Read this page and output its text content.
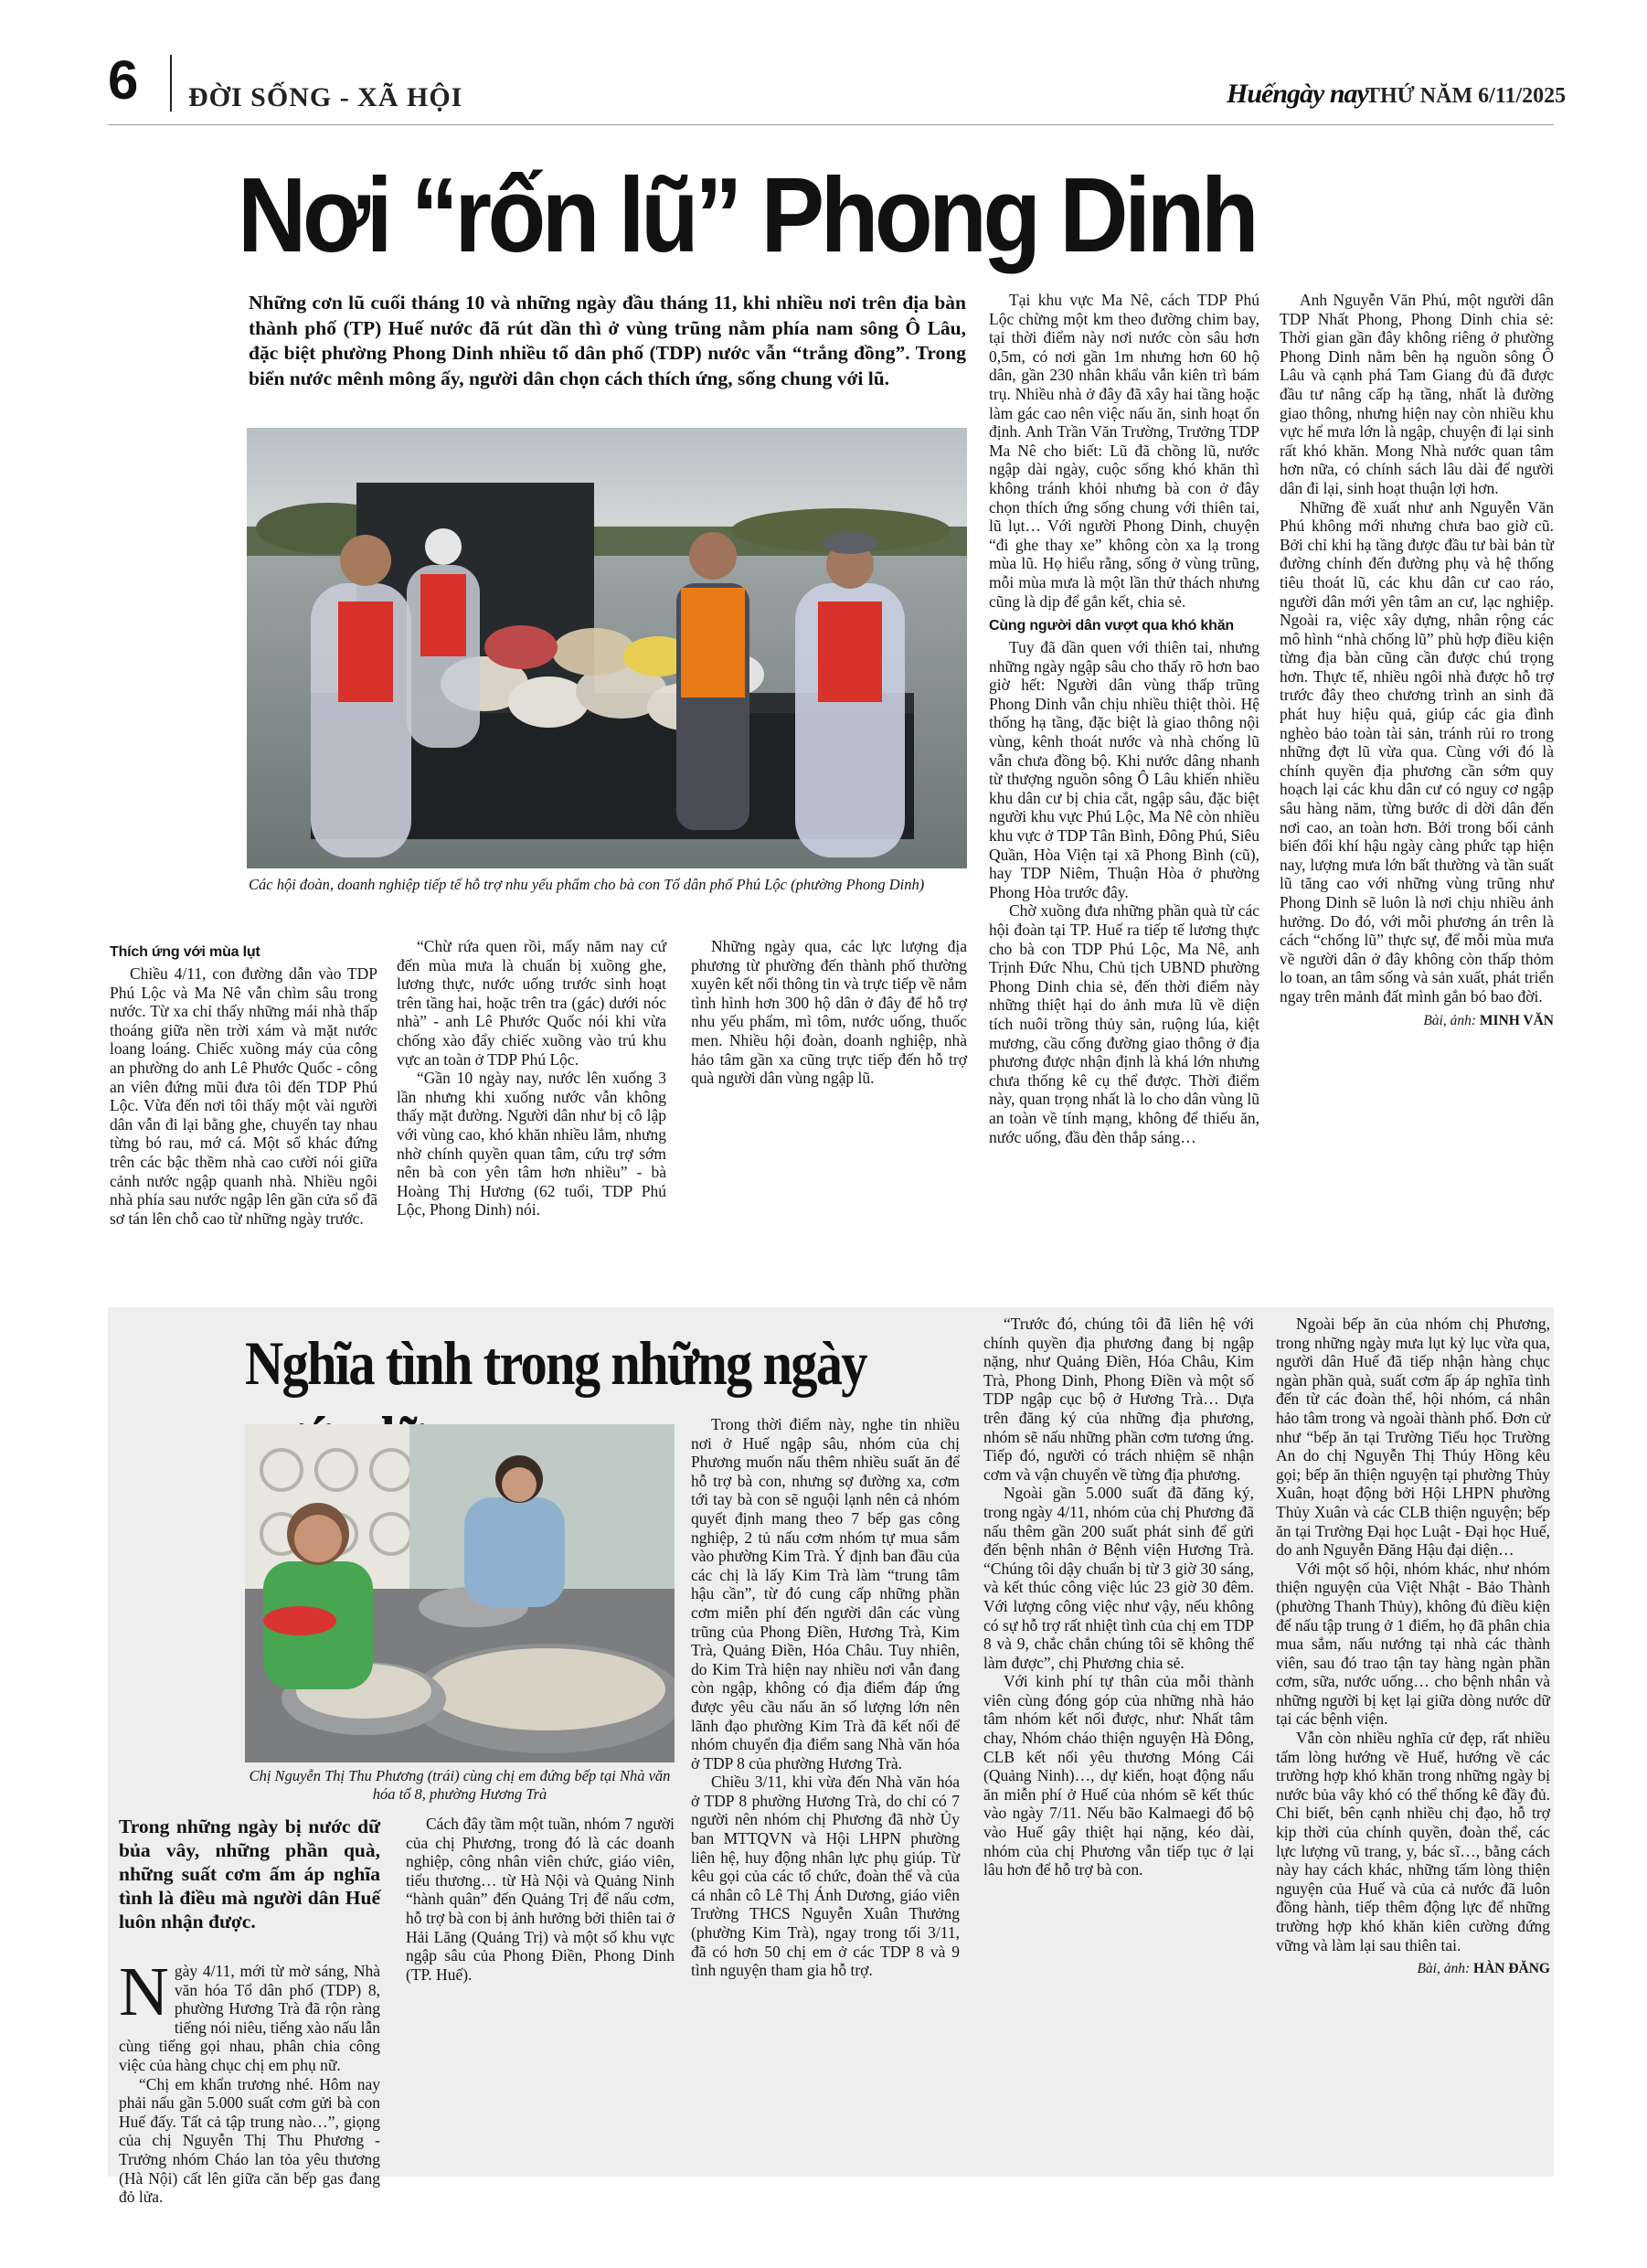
6 ĐỜI SỐNG - XÃ HỘI	Huếngày nay
THỨ NĂM 6/11/2025
Nơi “rốn lũ” Phong Dinh
Những cơn lũ cuối tháng 10 và những ngày đầu tháng 11, khi nhiều nơi trên địa bàn thành phố (TP) Huế nước đã rút dần thì ở vùng trũng nằm phía nam sông Ô Lâu, đặc biệt phường Phong Dinh nhiều tổ dân phố (TDP) nước vẫn “trắng đồng”. Trong biển nước mênh mông ấy, người dân chọn cách thích ứng, sống chung với lũ.
Các hội đoàn, doanh nghiệp tiếp tế hỗ trợ nhu yếu phẩm cho bà con Tổ dân phố Phú Lộc (phường Phong Dinh)
Thích ứng với mùa lụt

Chiều 4/11, con đường dẫn vào TDP Phú Lộc và Ma Nê vẫn chìm sâu trong nước. Từ xa chỉ thấy những mái nhà thấp thoáng giữa nền trời xám và mặt nước loang loáng. Chiếc xuồng máy của công an phường do anh Lê Phước Quốc - công an viên đứng mũi đưa tôi đến TDP Phú Lộc. Vừa đến nơi tôi thấy một vài người dân vẫn đi lại bằng ghe, chuyển tay nhau từng bó rau, mớ cá. Một số khác đứng trên các bậc thềm nhà cao cười nói giữa cảnh nước ngập quanh nhà. Nhiều ngôi nhà phía sau nước ngập lên gần cửa sổ đã sơ tán lên chỗ cao từ những ngày trước.

“Chừ rứa quen rồi, mấy năm nay cứ đến mùa mưa là chuẩn bị xuồng ghe, lương thực, nước uống trước sinh hoạt trên tầng hai, hoặc trên tra (gác) dưới nóc nhà” - anh Lê Phước Quốc nói khi vừa chống xào đẩy chiếc xuồng vào trú khu vực an toàn ở TDP Phú Lộc.

“Gần 10 ngày nay, nước lên xuống 3 lần nhưng khi xuống nước vẫn không thấy mặt đường. Người dân như bị cô lập với vùng cao, khó khăn nhiều lắm, nhưng nhờ chính quyền quan tâm, cứu trợ sớm nên bà con yên tâm hơn nhiều” - bà Hoàng Thị Hương (62 tuổi, TDP Phú Lộc, Phong Dinh) nói.

Những ngày qua, các lực lượng địa phương từ phường đến thành phố thường xuyên kết nối thông tin và trực tiếp về nắm tình hình hơn 300 hộ dân ở đây để hỗ trợ nhu yếu phẩm, mì tôm, nước uống, thuốc men. Nhiều hội đoàn, doanh nghiệp, nhà hảo tâm gần xa cũng trực tiếp đến hỗ trợ quà người dân vùng ngập lũ.

Tại khu vực Ma Nê, cách TDP Phú Lộc chừng một km theo đường chim bay, tại thời điểm này nơi nước còn sâu hơn 0,5m, có nơi gần 1m nhưng hơn 60 hộ dân, gần 230 nhân khẩu vẫn kiên trì bám trụ. Nhiều nhà ở đây đã xây hai tầng hoặc làm gác cao nên việc nấu ăn, sinh hoạt ổn định. Anh Trần Văn Trường, Trưởng TDP Ma Nê cho biết: Lũ đã chồng lũ, nước ngập dài ngày, cuộc sống khó khăn thì không tránh khỏi nhưng bà con ở đây chọn thích ứng sống chung với thiên tai, lũ lụt… Với người Phong Dinh, chuyện “đi ghe thay xe” không còn xa lạ trong mùa lũ. Họ hiểu rằng, sống ở vùng trũng, mỗi mùa mưa là một lần thử thách nhưng cũng là dịp để gắn kết, chia sẻ.

Cùng người dân vượt qua khó khăn

Tuy đã dần quen với thiên tai, nhưng những ngày ngập sâu cho thấy rõ hơn bao giờ hết: Người dân vùng thấp trũng Phong Dinh vẫn chịu nhiều thiệt thòi. Hệ thống hạ tầng, đặc biệt là giao thông nội vùng, kênh thoát nước và nhà chống lũ vẫn chưa đồng bộ. Khi nước dâng nhanh từ thượng nguồn sông Ô Lâu khiến nhiều khu dân cư bị chia cắt, ngập sâu, đặc biệt người khu vực Phú Lộc, Ma Nê còn nhiều khu vực ở TDP Tân Bình, Đông Phú, Siêu Quần, Hòa Viện tại xã Phong Bình (cũ), hay TDP Niêm, Thuận Hòa ở phường Phong Hòa trước đây.

Chờ xuồng đưa những phần quà từ các hội đoàn tại TP. Huế ra tiếp tế lương thực cho bà con TDP Phú Lộc, Ma Nê, anh Trịnh Đức Nhu, Chủ tịch UBND phường Phong Dinh chia sẻ, đến thời điểm này những thiệt hại do ảnh mưa lũ về diện tích nuôi trồng thủy sản, ruộng lúa, kiệt mương, cầu cống đường giao thông ở địa phương được nhận định là khá lớn nhưng chưa thống kê cụ thể được. Thời điểm này, quan trọng nhất là lo cho dân vùng lũ an toàn về tính mạng, không để thiếu ăn, nước uống, đầu đèn thắp sáng…

Anh Nguyễn Văn Phú, một người dân TDP Nhất Phong, Phong Dinh chia sẻ: Thời gian gần đây không riêng ở phường Phong Dinh nằm bên hạ nguồn sông Ô Lâu và cạnh phá Tam Giang đủ đã được đầu tư nâng cấp hạ tầng, nhất là đường giao thông, nhưng hiện nay còn nhiều khu vực hể mưa lớn là ngập, chuyện đi lại sinh rất khó khăn. Mong Nhà nước quan tâm hơn nữa, có chính sách lâu dài để người dân đi lại, sinh hoạt thuận lợi hơn.

Những đề xuất như anh Nguyễn Văn Phú không mới nhưng chưa bao giờ cũ. Bởi chỉ khi hạ tầng được đầu tư bài bản từ đường chính đến đường phụ và hệ thống tiêu thoát lũ, các khu dân cư cao ráo, người dân mới yên tâm an cư, lạc nghiệp. Ngoài ra, việc xây dựng, nhân rộng các mô hình “nhà chống lũ” phù hợp điều kiện từng địa bàn cũng cần được chú trọng hơn. Thực tế, nhiều ngôi nhà được hỗ trợ trước đây theo chương trình an sinh đã phát huy hiệu quả, giúp các gia đình nghèo bảo toàn tài sản, tránh rủi ro trong những đợt lũ vừa qua. Cùng với đó là chính quyền địa phương cần sớm quy hoạch lại các khu dân cư có nguy cơ ngập sâu hàng năm, từng bước di dời dân đến nơi cao, an toàn hơn. Bởi trong bối cảnh biến đổi khí hậu ngày càng phức tạp hiện nay, lượng mưa lớn bất thường và tần suất lũ tăng cao với những vùng trũng như Phong Dinh sẽ luôn là nơi chịu nhiều ảnh hưởng. Do đó, với mỗi phương án trên là cách “chống lũ” thực sự, để mỗi mùa mưa về người dân ở đây không còn thấp thỏm lo toan, an tâm sống và sản xuất, phát triển ngay trên mảnh đất mình gắn bó bao đời.

Bài, ảnh: MINH VĂN
Nghĩa tình trong những ngày
Chị Nguyễn Thị Thu Phương (trái) cùng chị em đứng bếp tại Nhà văn hóa tổ 8, phường Hương Trà
Trong những ngày bị nước dữ bủa vây, những phần quà, những suất cơm ấm áp nghĩa tình là điều mà người dân Huế luôn nhận được.

Ngày 4/11, mới từ mờ sáng, Nhà văn hóa Tổ dân phố (TDP) 8, phường Hương Trà đã rộn ràng tiếng nói niêu, tiếng xào nấu lẫn cùng tiếng gọi nhau, phân chia công việc của hàng chục chị em phụ nữ.

“Chị em khẩn trương nhé. Hôm nay phải nấu gần 5.000 suất cơm gửi bà con Huế đấy. Tất cả tập trung nào…”, giọng của chị Nguyễn Thị Thu Phương - Trưởng nhóm Cháo lan tỏa yêu thương (Hà Nội) cất lên giữa căn bếp gas đang đỏ lửa.

Cách đây tầm một tuần, nhóm 7 người của chị Phương, trong đó là các doanh nghiệp, công nhân viên chức, giáo viên, tiểu thương… từ Hà Nội và Quảng Ninh “hành quân” đến Quảng Trị để nấu cơm, hỗ trợ bà con bị ảnh hưởng bởi thiên tai ở Hải Lăng (Quảng Trị) và một số khu vực ngập sâu của Phong Điền, Phong Dinh (TP. Huế).

Trong thời điểm này, nghe tin nhiều nơi ở Huế ngập sâu, nhóm của chị Phương muốn nấu thêm nhiều suất ăn để hỗ trợ bà con, nhưng sợ đường xa, cơm tới tay bà con sẽ nguội lạnh nên cả nhóm quyết định mang theo 7 bếp gas công nghiệp, 2 tủ nấu cơm nhóm tự mua sắm vào phường Kim Trà. Ý định ban đầu của các chị là lấy Kim Trà làm “trung tâm hậu cần”, từ đó cung cấp những phần cơm miễn phí đến người dân các vùng trũng của Phong Điền, Hương Trà, Kim Trà, Quảng Điền, Hóa Châu. Tuy nhiên, do Kim Trà hiện nay nhiều nơi vẫn đang còn ngập, không có địa điểm đáp ứng được yêu cầu nấu ăn số lượng lớn nên lãnh đạo phường Kim Trà đã kết nối để nhóm chuyển địa điểm sang Nhà văn hóa ở TDP 8 của phường Hương Trà.

Chiều 3/11, khi vừa đến Nhà văn hóa ở TDP 8 phường Hương Trà, do chỉ có 7 người nên nhóm chị Phương đã nhờ Ủy ban MTTQVN và Hội LHPN phường liên hệ, huy động nhân lực phụ giúp. Từ kêu gọi của các tổ chức, đoàn thể và của cá nhân cô Lê Thị Ánh Dương, giáo viên Trường THCS Nguyễn Xuân Thưởng (phường Kim Trà), ngay trong tối 3/11, đã có hơn 50 chị em ở các TDP 8 và 9 tình nguyện tham gia hỗ trợ.

“Trước đó, chúng tôi đã liên hệ với chính quyền địa phương đang bị ngập nặng, như Quảng Điền, Hóa Châu, Kim Trà, Phong Dinh, Phong Điền và một số TDP ngập cục bộ ở Hương Trà… Dựa trên đăng ký của những địa phương, nhóm sẽ nấu những phần cơm tương ứng. Tiếp đó, người có trách nhiệm sẽ nhận cơm và vận chuyển về từng địa phương.

Ngoài gần 5.000 suất đã đăng ký, trong ngày 4/11, nhóm của chị Phương đã nấu thêm gần 200 suất phát sinh để gửi đến bệnh nhân ở Bệnh viện Hương Trà. “Chúng tôi dậy chuẩn bị từ 3 giờ 30 sáng, và kết thúc công việc lúc 23 giờ 30 đêm. Với lượng công việc như vậy, nếu không có sự hỗ trợ rất nhiệt tình của chị em TDP 8 và 9, chắc chắn chúng tôi sẽ không thể làm được”, chị Phương chia sẻ.

Với kinh phí tự thân của mỗi thành viên cùng đóng góp của những nhà hảo tâm nhóm kết nối được, như: Nhất tâm chay, Nhóm cháo thiện nguyện Hà Đông, CLB kết nối yêu thương Móng Cái (Quảng Ninh)…, dự kiến, hoạt động nấu ăn miễn phí ở Huế của nhóm sẽ kết thúc vào ngày 7/11. Nếu bão Kalmaegi đổ bộ vào Huế gây thiệt hại nặng, kéo dài, nhóm của chị Phương vẫn tiếp tục ở lại lâu hơn để hỗ trợ bà con.

Ngoài bếp ăn của nhóm chị Phương, trong những ngày mưa lụt kỷ lục vừa qua, người dân Huế đã tiếp nhận hàng chục ngàn phần quà, suất cơm ấp áp nghĩa tình đến từ các đoàn thể, hội nhóm, cá nhân hảo tâm trong và ngoài thành phố. Đơn cử như “bếp ăn tại Trường Tiểu học Trường An do chị Nguyễn Thị Thúy Hồng kêu gọi; bếp ăn thiện nguyện tại phường Thủy Xuân, hoạt động bởi Hội LHPN phường Thủy Xuân và các CLB thiện nguyện; bếp ăn tại Trường Đại học Luật - Đại học Huế, do anh Nguyễn Đăng Hậu đại diện…

Với một số hội, nhóm khác, như nhóm thiện nguyện của Việt Nhật - Bảo Thành (phường Thanh Thủy), không đủ điều kiện để nấu tập trung ở 1 điểm, họ đã phân chia mua sắm, nấu nướng tại nhà các thành viên, sau đó trao tận tay hàng ngàn phần cơm, sữa, nước uống… cho bệnh nhân và những người bị kẹt lại giữa dòng nước dữ tại các bệnh viện.

Vẫn còn nhiều nghĩa cử đẹp, rất nhiều tấm lòng hướng về Huế, hướng về các trường hợp khó khăn trong những ngày bị nước bủa vây khó có thể thống kê đầy đủ. Chỉ biết, bên cạnh nhiều chị đạo, hỗ trợ kịp thời của chính quyền, đoàn thể, các lực lượng vũ trang, y, bác sĩ…, bằng cách này hay cách khác, những tấm lòng thiện nguyện của Huế và của cả nước đã luôn đồng hành, tiếp thêm động lực để những trường hợp khó khăn kiên cường đứng vững và làm lại sau thiên tai.

Bài, ảnh: HÀN ĐĂNG
